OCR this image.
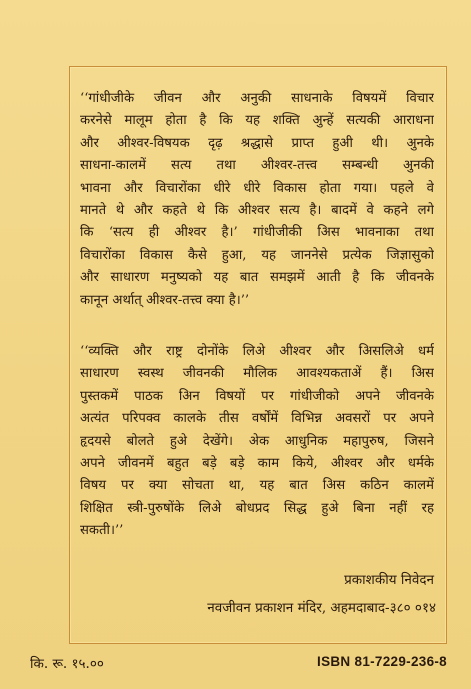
‘‘गांधीजीके जीवन और अनुकी साधनाके विषयमें विचार
करनेसे मालूम होता है कि यह शक्ति अुन्हें सत्यकी आराधना
और अीश्वर-विषयक दृढ़ श्रद्धासे प्राप्त हुअी थी। अुनके
साधना-कालमें सत्य तथा अीश्वर-तत्त्व सम्बन्धी अुनकी
भावना और विचारोंका धीरे धीरे विकास होता गया। पहले वे
मानते थे और कहते थे कि अीश्वर सत्य है। बादमें वे कहने लगे
कि ‘सत्य ही अीश्वर है।’ गांधीजीकी अिस भावनाका तथा
विचारोंका विकास कैसे हुआ, यह जाननेसे प्रत्येक जिज्ञासुको
और साधारण मनुष्यको यह बात समझमें आती है कि जीवनके
कानून अर्थात् अीश्वर-तत्त्व क्या है।’’
‘‘व्यक्ति और राष्ट्र दोनोंके लिअे अीश्वर और अिसलिअे धर्म
साधारण स्वस्थ जीवनकी मौलिक आवश्यकताअें हैं। अिस
पुस्तकमें पाठक अिन विषयों पर गांधीजीको अपने जीवनके
अत्यंत परिपक्व कालके तीस वर्षोंमें विभिन्न अवसरों पर अपने
हृदयसे बोलते हुअे देखेंगे। अेक आधुनिक महापुरुष, जिसने
अपने जीवनमें बहुत बड़े बड़े काम किये, अीश्वर और धर्मके
विषय पर क्या सोचता था, यह बात अिस कठिन कालमें
शिक्षित स्त्री-पुरुषोंके लिअे बोधप्रद सिद्ध हुअे बिना नहीं रह
सकती।’’
प्रकाशकीय निवेदन
नवजीवन प्रकाशन मंदिर, अहमदाबाद-३८० ०१४
कि. रू. १५.००	ISBN 81-7229-236-8
